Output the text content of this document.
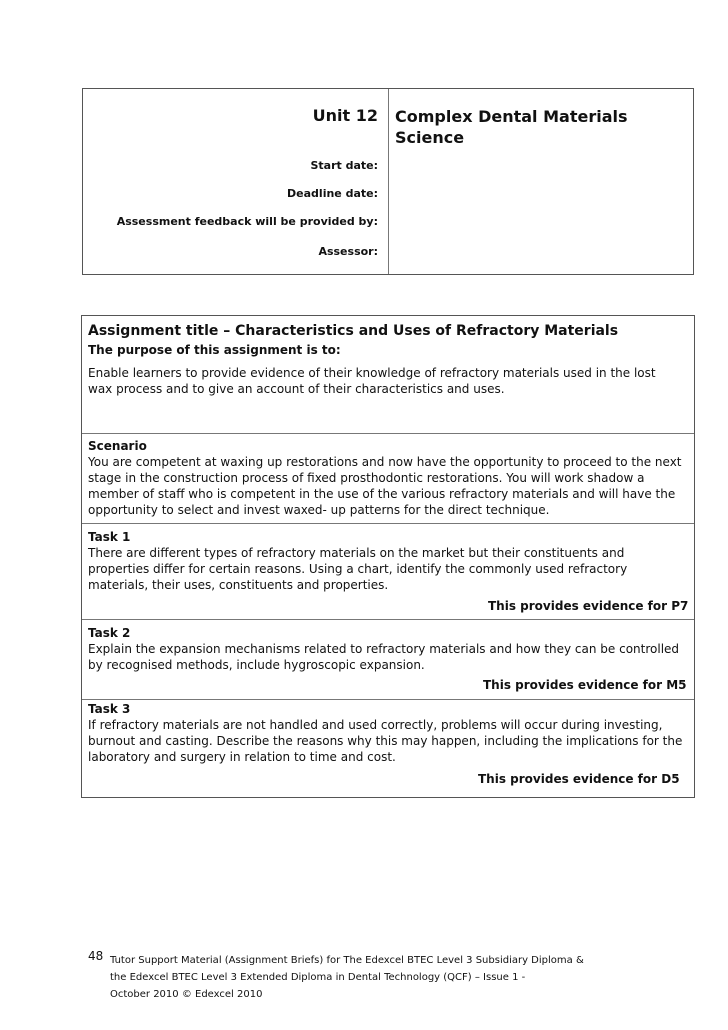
Unit 12 Complex Dental Materials
Science
Start date:
Deadline date:
Assessment feedback will be provided by:
Assessor:
Assignment title – Characteristics and Uses of Refractory Materials
The purpose of this assignment is to:
Enable learners to provide evidence of their knowledge of refractory materials used in the lost
wax process and to give an account of their characteristics and uses.
Scenario
You are competent at waxing up restorations and now have the opportunity to proceed to the next
stage in the construction process of fixed prosthodontic restorations. You will work shadow a
member of staff who is competent in the use of the various refractory materials and will have the
opportunity to select and invest waxed- up patterns for the direct technique.
Task 1
There are different types of refractory materials on the market but their constituents and
properties differ for certain reasons. Using a chart, identify the commonly used refractory
materials, their uses, constituents and properties.
This provides evidence for P7
Task 2
Explain the expansion mechanisms related to refractory materials and how they can be controlled
by recognised methods, include hygroscopic expansion.
This provides evidence for M5
Task 3
If refractory materials are not handled and used correctly, problems will occur during investing,
burnout and casting. Describe the reasons why this may happen, including the implications for the
laboratory and surgery in relation to time and cost.
This provides evidence for D5
48 Tutor Support Material (Assignment Briefs) for The Edexcel BTEC Level 3 Subsidiary Diploma &
the Edexcel BTEC Level 3 Extended Diploma in Dental Technology (QCF) – Issue 1 -
October 2010 © Edexcel 2010
